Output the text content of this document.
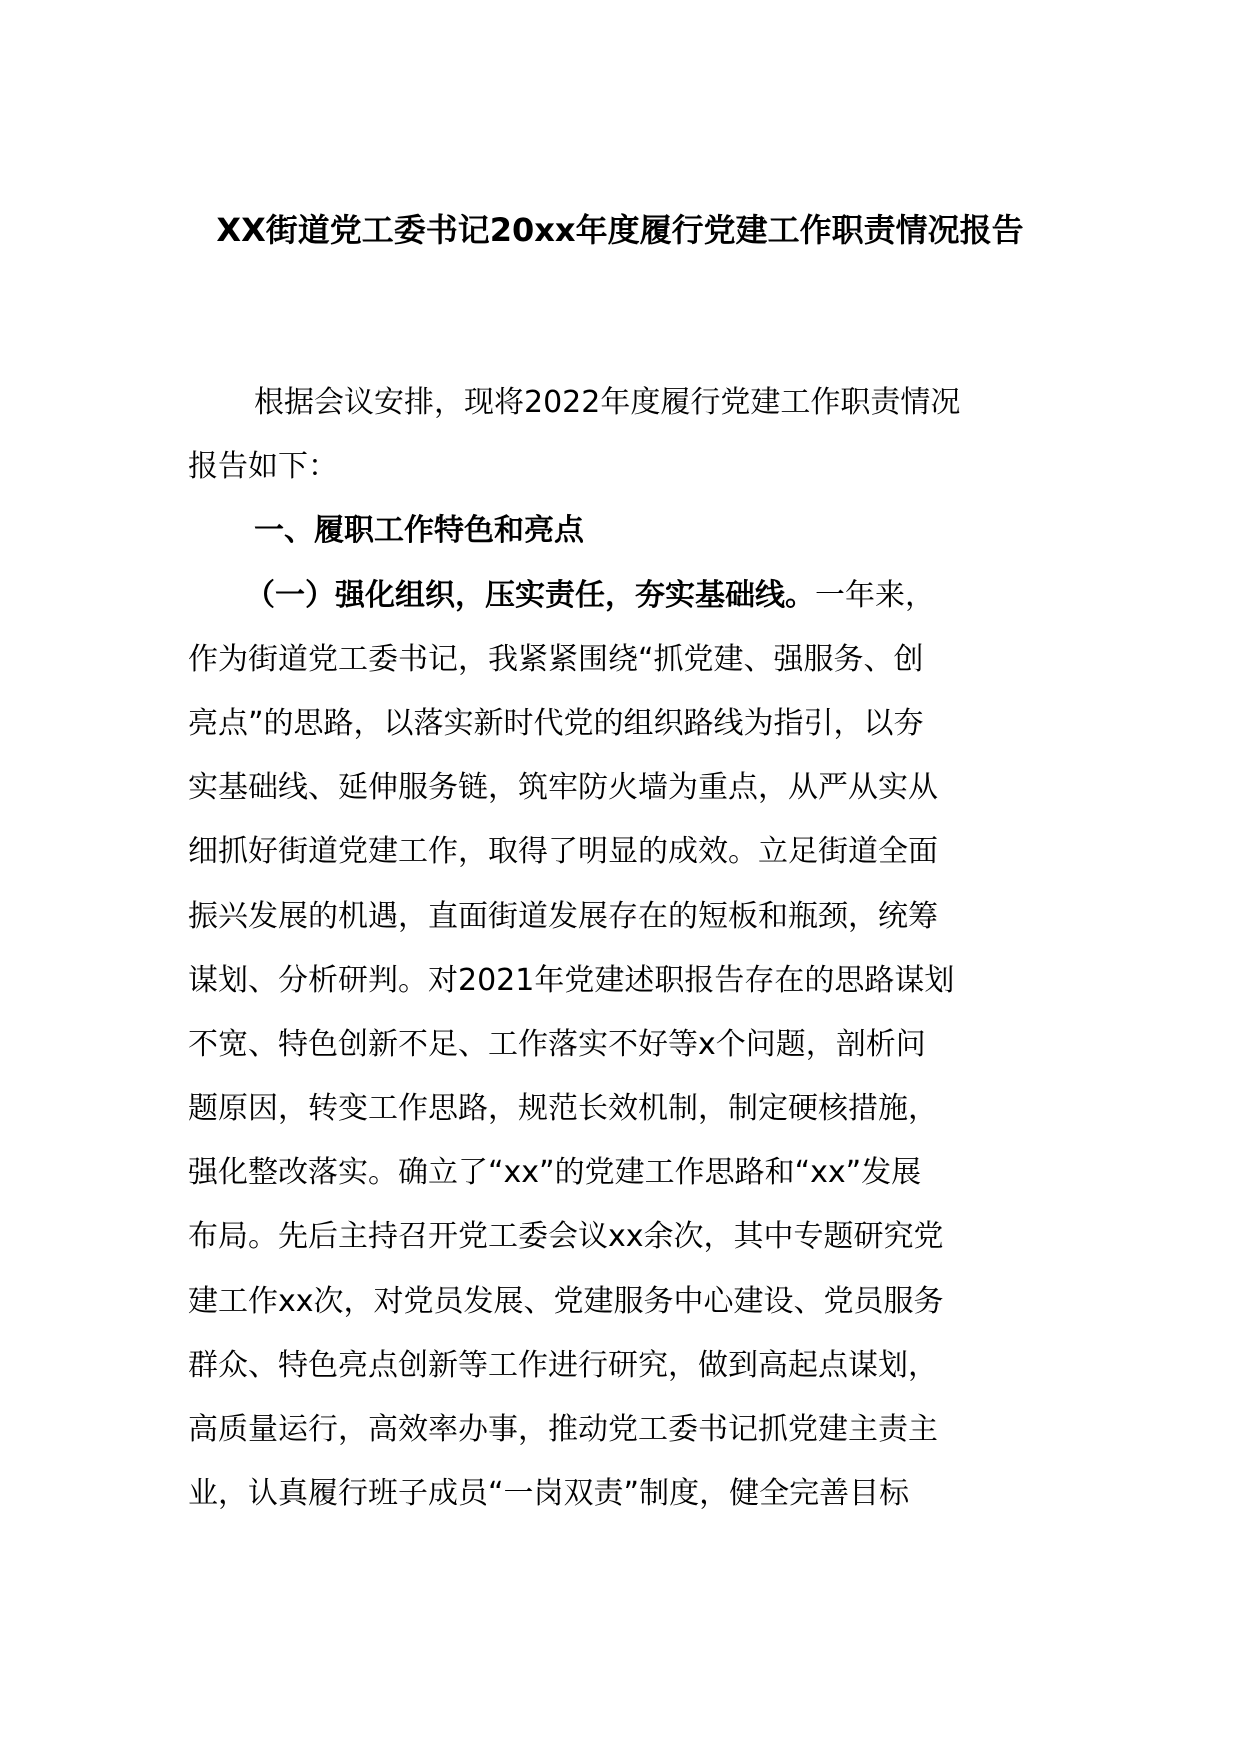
XX街道党工委书记20xx年度履行党建工作职责情况报告
根据会议安排，现将2022年度履行党建工作职责情况
报告如下：
一、履职工作特色和亮点
（一）强化组织，压实责任，夯实基础线。一年来，
作为街道党工委书记，我紧紧围绕“抓党建、强服务、创
亮点”的思路，以落实新时代党的组织路线为指引，以夯
实基础线、延伸服务链，筑牢防火墙为重点，从严从实从
细抓好街道党建工作，取得了明显的成效。立足街道全面
振兴发展的机遇，直面街道发展存在的短板和瓶颈，统筹
谋划、分析研判。对2021年党建述职报告存在的思路谋划
不宽、特色创新不足、工作落实不好等x个问题，剖析问
题原因，转变工作思路，规范长效机制，制定硬核措施，
强化整改落实。确立了“xx”的党建工作思路和“xx”发展
布局。先后主持召开党工委会议xx余次，其中专题研究党
建工作xx次，对党员发展、党建服务中心建设、党员服务
群众、特色亮点创新等工作进行研究，做到高起点谋划，
高质量运行，高效率办事，推动党工委书记抓党建主责主
业，认真履行班子成员“一岗双责”制度，健全完善目标
